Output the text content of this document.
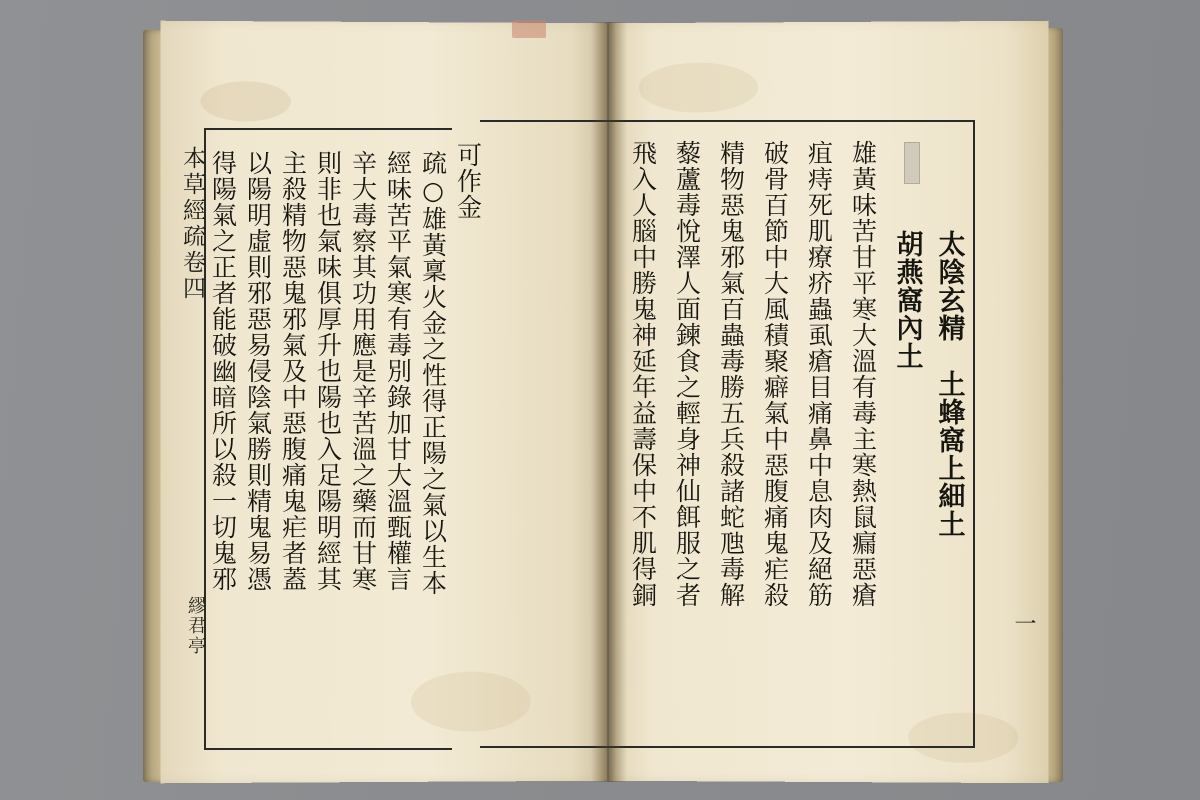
本草經疏卷四
繆君亭
疏○雄黃稟火金之性得正陽之氣以生本
經味苦平氣寒有毒別錄加甘大溫甄權言
辛大毒察其功用應是辛苦溫之藥而甘寒
則非也氣味俱厚升也陽也入足陽明經其
主殺精物惡鬼邪氣及中惡腹痛鬼疟者蓋
以陽明虛則邪惡易侵陰氣勝則精鬼易憑
得陽氣之正者能破幽暗所以殺一切鬼邪	可作金
太陰玄精　土蜂窩上細土
胡燕窩內土
雄黃味苦甘平寒大溫有毒主寒熱鼠瘺惡瘡
疽痔死肌療疥蟲虱瘡目痛鼻中息肉及絕筋
破骨百節中大風積聚癖氣中惡腹痛鬼疟殺
精物惡鬼邪氣百蟲毒勝五兵殺諸蛇虺毒解
藜蘆毒悅澤人面鍊食之輕身神仙餌服之者
飛入人腦中勝鬼神延年益壽保中不肌得銅
一
